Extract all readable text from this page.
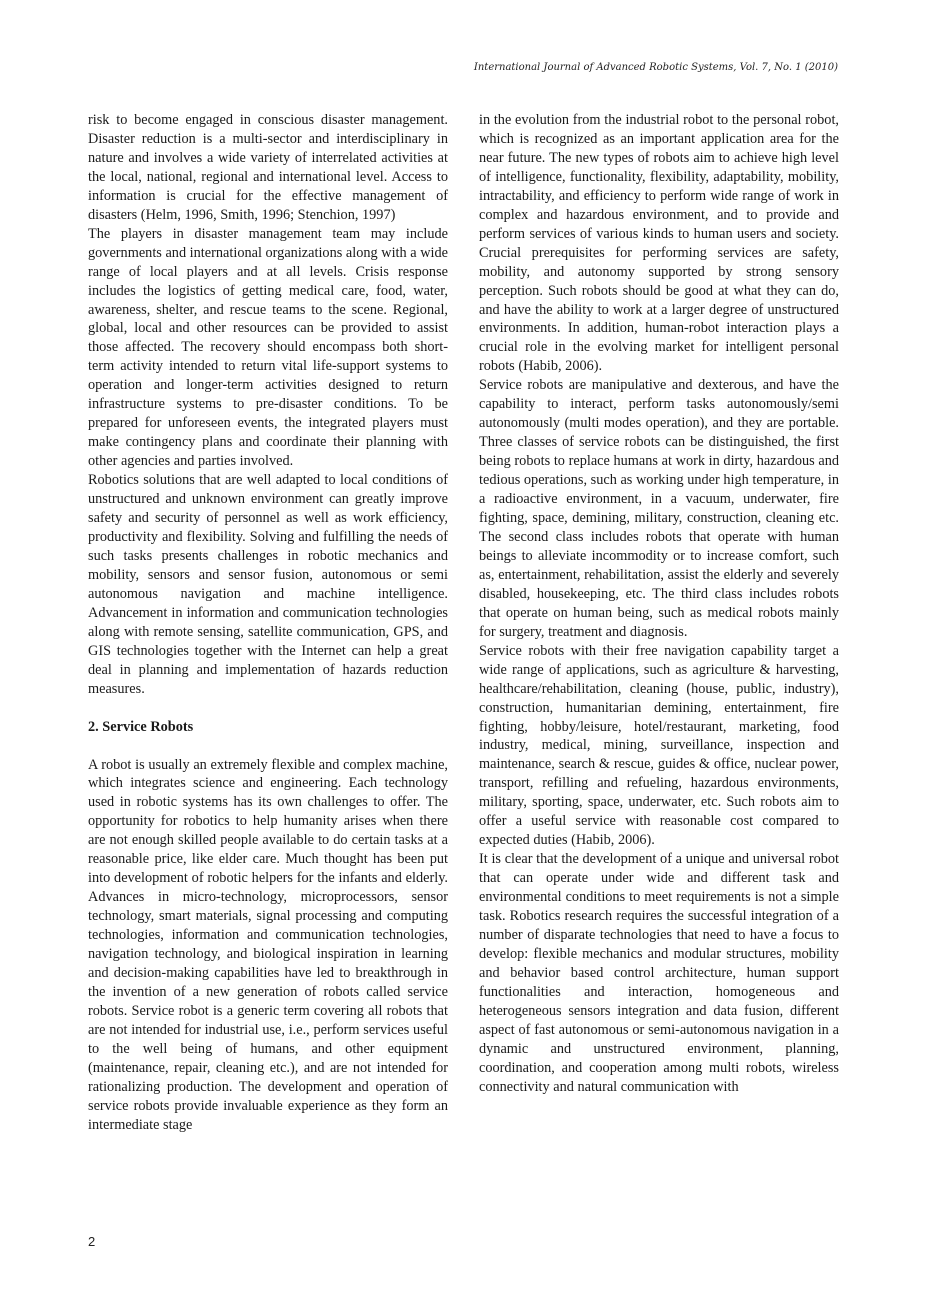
International Journal of Advanced Robotic Systems, Vol. 7, No. 1 (2010)

risk to become engaged in conscious disaster management. Disaster reduction is a multi-sector and interdisciplinary in nature and involves a wide variety of interrelated activities at the local, national, regional and international level. Access to information is crucial for the effective management of disasters (Helm, 1996, Smith, 1996; Stenchion, 1997)

The players in disaster management team may include governments and international organizations along with a wide range of local players and at all levels. Crisis response includes the logistics of getting medical care, food, water, awareness, shelter, and rescue teams to the scene. Regional, global, local and other resources can be provided to assist those affected. The recovery should encompass both short-term activity intended to return vital life-support systems to operation and longer-term activities designed to return infrastructure systems to pre-disaster conditions. To be prepared for unforeseen events, the integrated players must make contingency plans and coordinate their planning with other agencies and parties involved.

Robotics solutions that are well adapted to local conditions of unstructured and unknown environment can greatly improve safety and security of personnel as well as work efficiency, productivity and flexibility. Solving and fulfilling the needs of such tasks presents challenges in robotic mechanics and mobility, sensors and sensor fusion, autonomous or semi autonomous navigation and machine intelligence. Advancement in information and communication technologies along with remote sensing, satellite communication, GPS, and GIS technologies together with the Internet can help a great deal in planning and implementation of hazards reduction measures.

2. Service Robots

A robot is usually an extremely flexible and complex machine, which integrates science and engineering. Each technology used in robotic systems has its own challenges to offer. The opportunity for robotics to help humanity arises when there are not enough skilled people available to do certain tasks at a reasonable price, like elder care. Much thought has been put into development of robotic helpers for the infants and elderly. Advances in micro-technology, microprocessors, sensor technology, smart materials, signal processing and computing technologies, information and communication technologies, navigation technology, and biological inspiration in learning and decision-making capabilities have led to breakthrough in the invention of a new generation of robots called service robots. Service robot is a generic term covering all robots that are not intended for industrial use, i.e., perform services useful to the well being of humans, and other equipment (maintenance, repair, cleaning etc.), and are not intended for rationalizing production. The development and operation of service robots provide invaluable experience as they form an intermediate stage

in the evolution from the industrial robot to the personal robot, which is recognized as an important application area for the near future. The new types of robots aim to achieve high level of intelligence, functionality, flexibility, adaptability, mobility, intractability, and efficiency to perform wide range of work in complex and hazardous environment, and to provide and perform services of various kinds to human users and society. Crucial prerequisites for performing services are safety, mobility, and autonomy supported by strong sensory perception. Such robots should be good at what they can do, and have the ability to work at a larger degree of unstructured environments. In addition, human-robot interaction plays a crucial role in the evolving market for intelligent personal robots (Habib, 2006).

Service robots are manipulative and dexterous, and have the capability to interact, perform tasks autonomously/semi autonomously (multi modes operation), and they are portable. Three classes of service robots can be distinguished, the first being robots to replace humans at work in dirty, hazardous and tedious operations, such as working under high temperature, in a radioactive environment, in a vacuum, underwater, fire fighting, space, demining, military, construction, cleaning etc. The second class includes robots that operate with human beings to alleviate incommodity or to increase comfort, such as, entertainment, rehabilitation, assist the elderly and severely disabled, housekeeping, etc. The third class includes robots that operate on human being, such as medical robots mainly for surgery, treatment and diagnosis.

Service robots with their free navigation capability target a wide range of applications, such as agriculture & harvesting, healthcare/rehabilitation, cleaning (house, public, industry), construction, humanitarian demining, entertainment, fire fighting, hobby/leisure, hotel/restaurant, marketing, food industry, medical, mining, surveillance, inspection and maintenance, search & rescue, guides & office, nuclear power, transport, refilling and refueling, hazardous environments, military, sporting, space, underwater, etc. Such robots aim to offer a useful service with reasonable cost compared to expected duties (Habib, 2006).

It is clear that the development of a unique and universal robot that can operate under wide and different task and environmental conditions to meet requirements is not a simple task. Robotics research requires the successful integration of a number of disparate technologies that need to have a focus to develop: flexible mechanics and modular structures, mobility and behavior based control architecture, human support functionalities and interaction, homogeneous and heterogeneous sensors integration and data fusion, different aspect of fast autonomous or semi-autonomous navigation in a dynamic and unstructured environment, planning, coordination, and cooperation among multi robots, wireless connectivity and natural communication with

2
